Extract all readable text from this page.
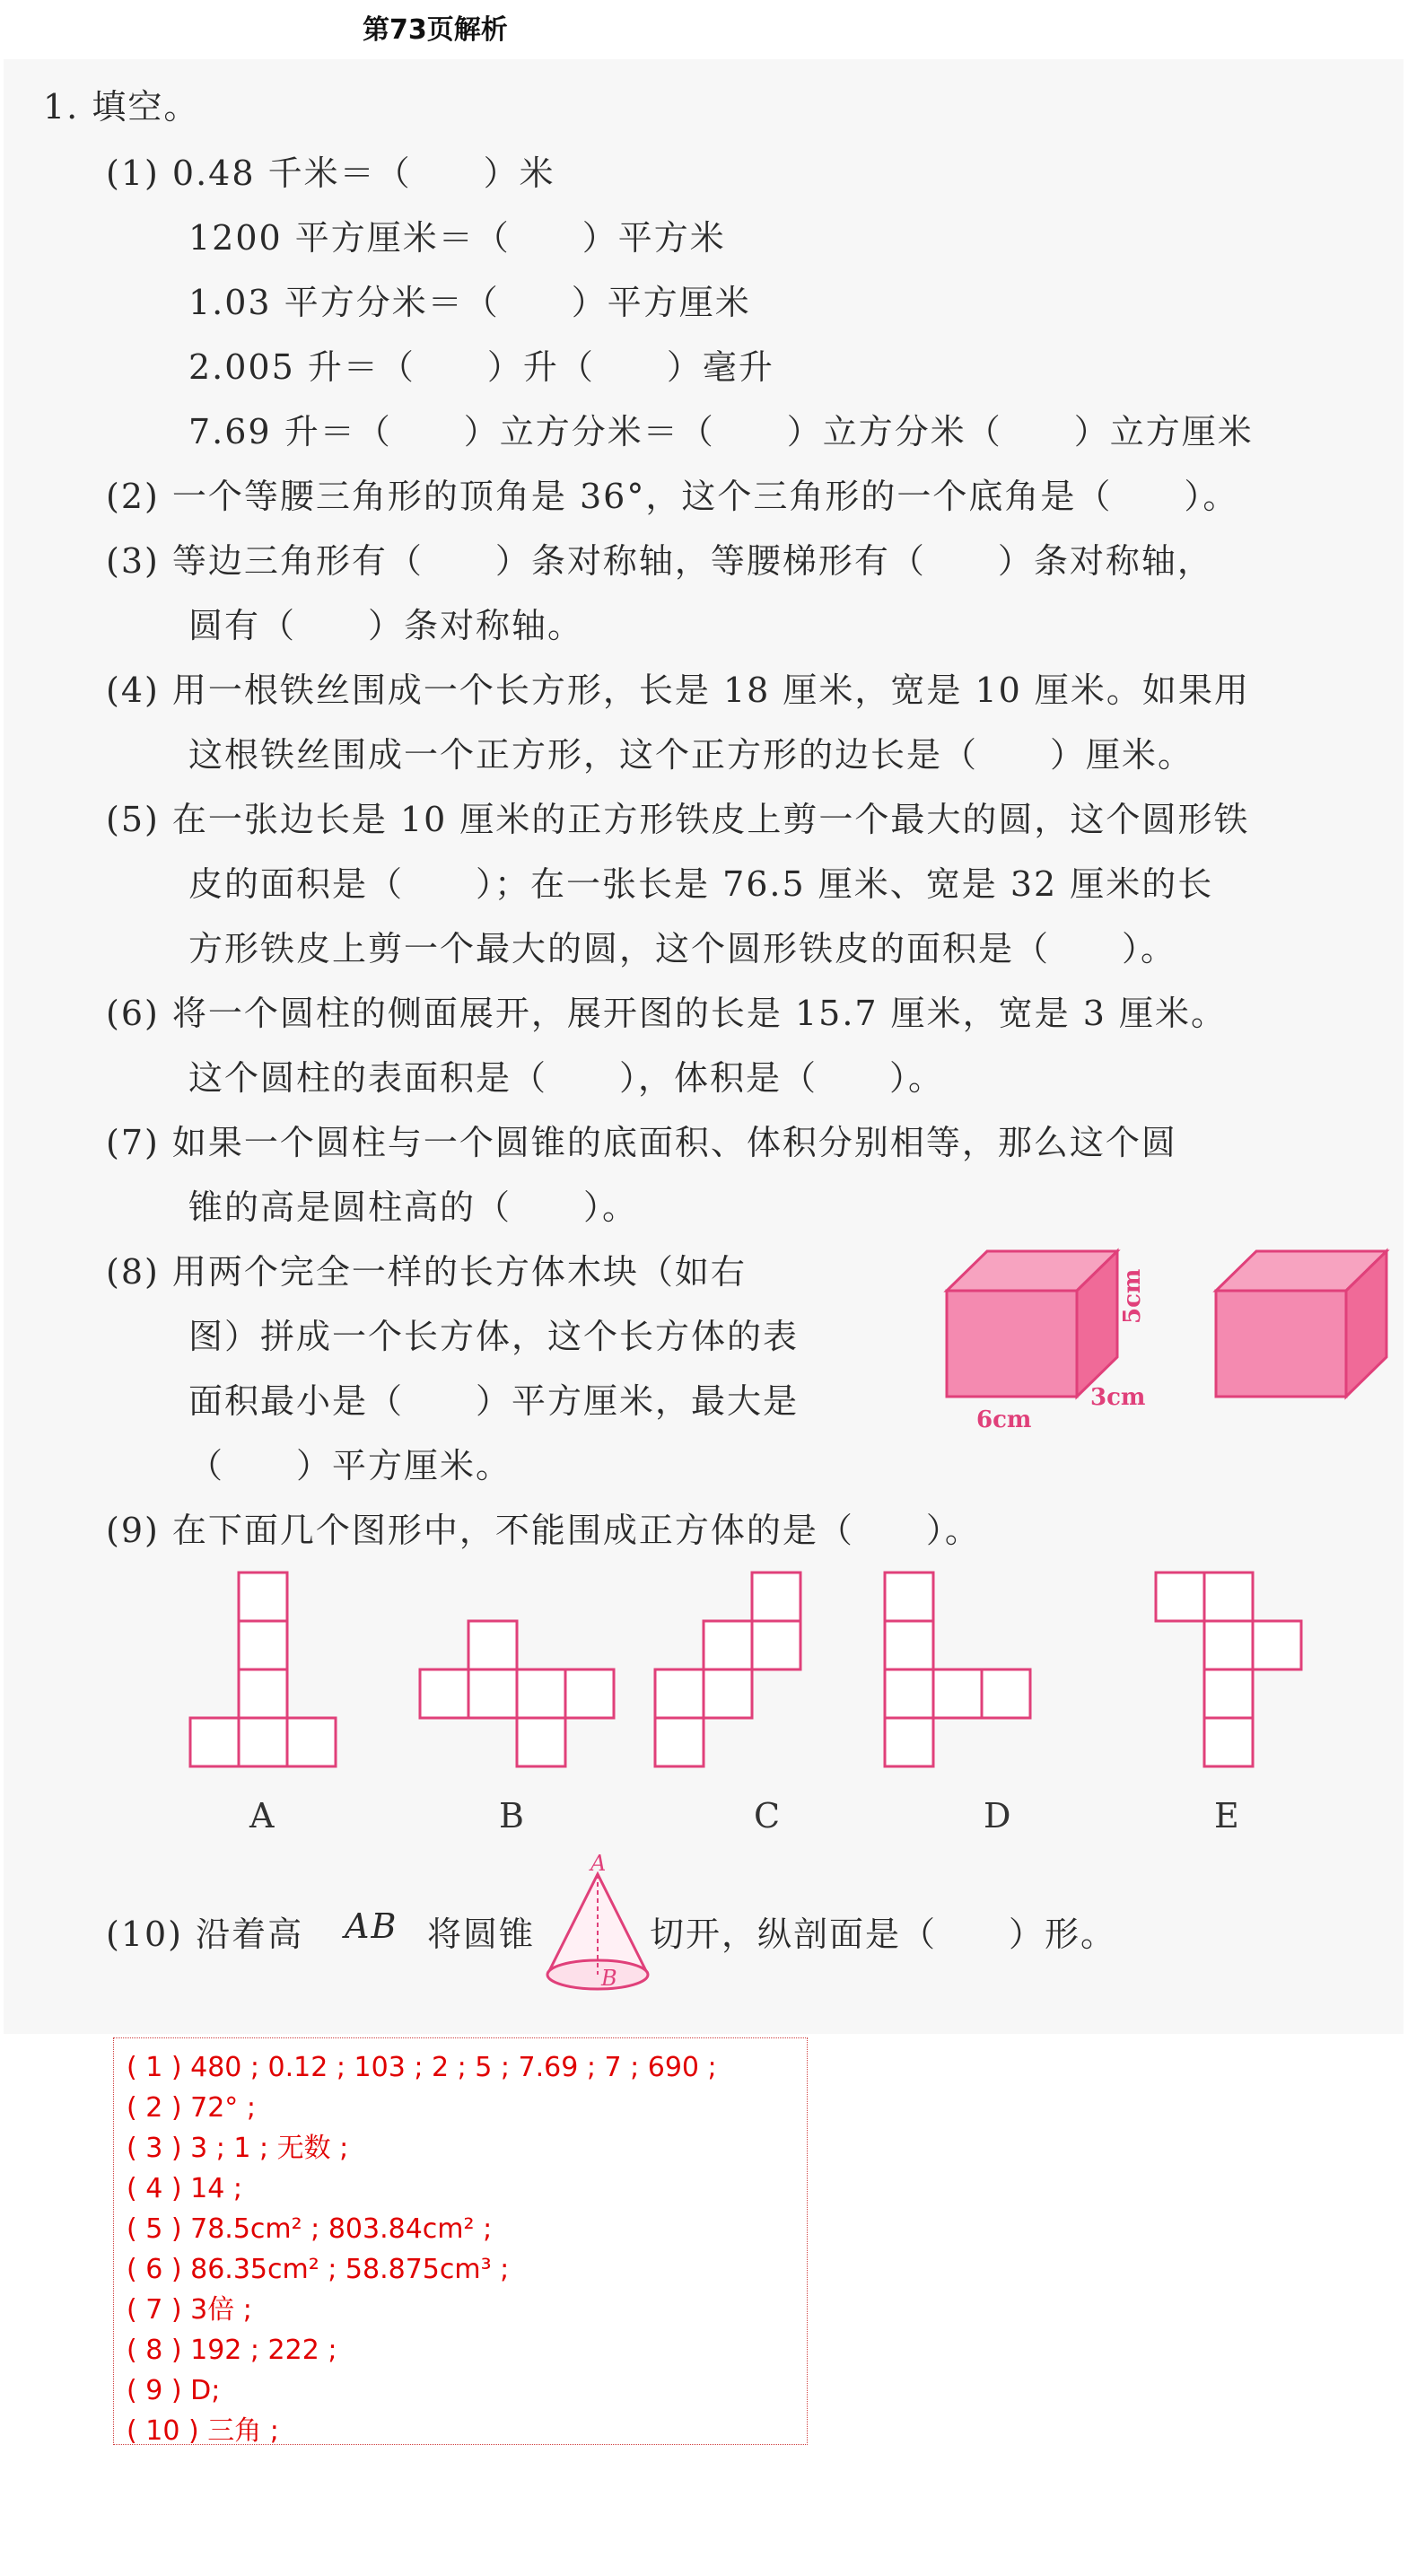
第73页解析
1. 填空。
(1) 0.48 千米＝（　　）米
1200 平方厘米＝（　　）平方米
1.03 平方分米＝（　　）平方厘米
2.005 升＝（　　）升（　　）毫升
7.69 升＝（　　）立方分米＝（　　）立方分米（　　）立方厘米
(2) 一个等腰三角形的顶角是 36°，这个三角形的一个底角是（　　）。
(3) 等边三角形有（　　）条对称轴，等腰梯形有（　　）条对称轴，
圆有（　　）条对称轴。
(4) 用一根铁丝围成一个长方形，长是 18 厘米，宽是 10 厘米。如果用
这根铁丝围成一个正方形，这个正方形的边长是（　　）厘米。
(5) 在一张边长是 10 厘米的正方形铁皮上剪一个最大的圆，这个圆形铁
皮的面积是（　　）；在一张长是 76.5 厘米、宽是 32 厘米的长
方形铁皮上剪一个最大的圆，这个圆形铁皮的面积是（　　）。
(6) 将一个圆柱的侧面展开，展开图的长是 15.7 厘米，宽是 3 厘米。
这个圆柱的表面积是（　　），体积是（　　）。
(7) 如果一个圆柱与一个圆锥的底面积、体积分别相等，那么这个圆
锥的高是圆柱高的（　　）。
(8) 用两个完全一样的长方体木块（如右
图）拼成一个长方体，这个长方体的表
面积最小是（　　）平方厘米，最大是
（　　）平方厘米。
5cm
3cm
6cm
(9) 在下面几个图形中，不能围成正方体的是（　　）。
A	B	C	D	E
(10) 沿着高 AB 将圆锥
A
B
切开，纵剖面是（　　）形。
( 1 ) 480 ; 0.12 ; 103 ; 2 ; 5 ; 7.69 ; 7 ; 690 ;
( 2 ) 72° ;
( 3 ) 3 ; 1 ; 无数 ;
( 4 ) 14 ;
( 5 ) 78.5cm² ; 803.84cm² ;
( 6 ) 86.35cm² ; 58.875cm³ ;
( 7 ) 3倍 ;
( 8 ) 192 ; 222 ;
( 9 ) D;
( 10 ) 三角 ;
